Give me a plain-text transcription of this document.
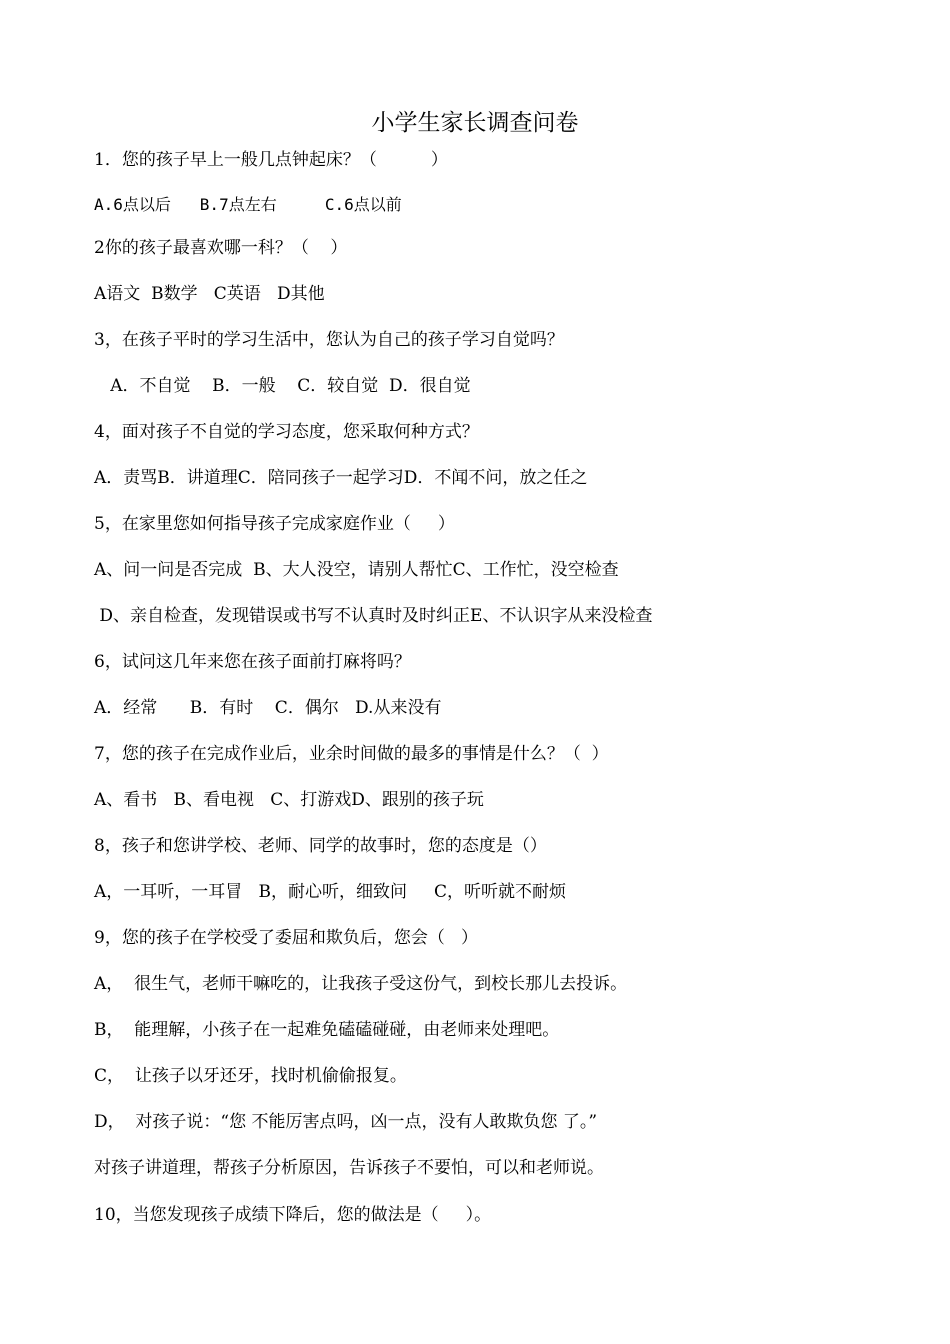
小学生家长调查问卷
1．您的孩子早上一般几点钟起床？（          ）
A.6点以后   B.7点左右     C.6点以前
2你的孩子最喜欢哪一科？（    ）
A语文  B数学   C英语   D其他
3，在孩子平时的学习生活中，您认为自己的孩子学习自觉吗？
A．不自觉    B．一般    C．较自觉  D．很自觉
4，面对孩子不自觉的学习态度，您采取何种方式？
A．责骂B．讲道理C．陪同孩子一起学习D．不闻不问，放之任之
5，在家里您如何指导孩子完成家庭作业（     ）
A、问一问是否完成  B、大人没空，请别人帮忙C、工作忙，没空检查
D、亲自检查，发现错误或书写不认真时及时纠正E、不认识字从来没检查
6，试问这几年来您在孩子面前打麻将吗？
A．经常      B．有时    C．偶尔   D.从来没有
7，您的孩子在完成作业后，业余时间做的最多的事情是什么？（  ）
A、看书   B、看电视   C、打游戏D、跟别的孩子玩
8，孩子和您讲学校、老师、同学的故事时，您的态度是（）
A，一耳听，一耳冒   B，耐心听，细致问     C，听听就不耐烦
9，您的孩子在学校受了委屈和欺负后，您会（   ）
A，  很生气，老师干嘛吃的，让我孩子受这份气，到校长那儿去投诉。
B，  能理解，小孩子在一起难免磕磕碰碰，由老师来处理吧。
C，  让孩子以牙还牙，找时机偷偷报复。
D，  对孩子说：“您 不能厉害点吗，凶一点，没有人敢欺负您 了。”
对孩子讲道理，帮孩子分析原因，告诉孩子不要怕，可以和老师说。
10，当您发现孩子成绩下降后，您的做法是（     ）。
